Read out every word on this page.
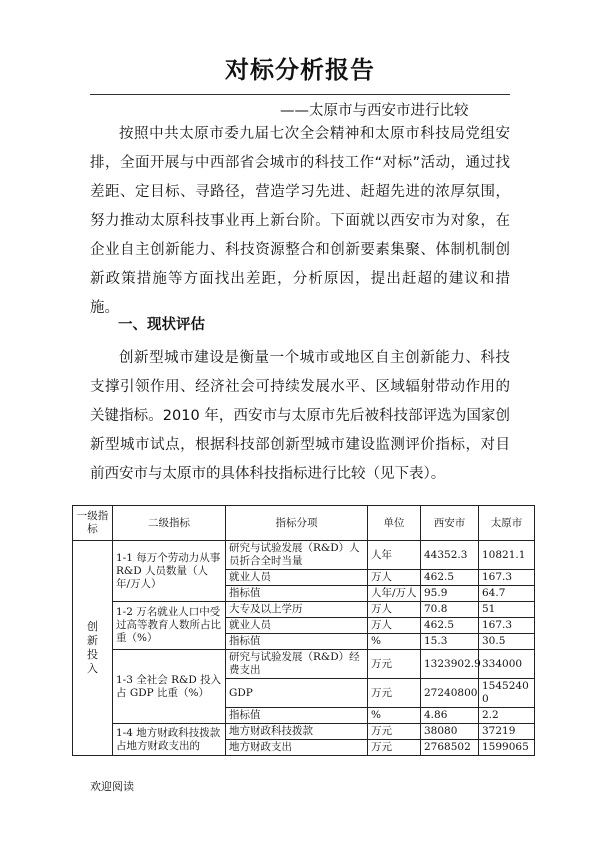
对标分析报告
——太原市与西安市进行比较

按照中共太原市委九届七次全会精神和太原市科技局党组安排，全面开展与中西部省会城市的科技工作“对标”活动，通过找差距、定目标、寻路径，营造学习先进、赶超先进的浓厚氛围，努力推动太原科技事业再上新台阶。下面就以西安市为对象，在企业自主创新能力、科技资源整合和创新要素集聚、体制机制创新政策措施等方面找出差距，分析原因，提出赶超的建议和措施。

一、现状评估

创新型城市建设是衡量一个城市或地区自主创新能力、科技支撑引领作用、经济社会可持续发展水平、区域辐射带动作用的关键指标。2010 年，西安市与太原市先后被科技部评选为国家创新型城市试点，根据科技部创新型城市建设监测评价指标，对目前西安市与太原市的具体科技指标进行比较（见下表）。

一级指标	二级指标	指标分项	单位	西安市	太原市

创新投入	1-1 每万个劳动力从事 R&D 人员数量（人年/万人）	研究与试验发展（R&D）人员折合全时当量	人年	44352.3	10821.1
		就业人员	万人	462.5	167.3
		指标值	人年/万人	95.9	64.7
	1-2 万名就业人口中受过高等教育人数所占比重（%）	大专及以上学历	万人	70.8	51
		就业人员	万人	462.5	167.3
		指标值	%	15.3	30.5
	1-3 全社会 R&D 投入占 GDP 比重（%）	研究与试验发展（R&D）经费支出	万元	1323902.9	334000
		GDP	万元	27240800	15452400
		指标值	%	4.86	2.2
	1-4 地方财政科技拨款占地方财政支出的	地方财政科技拨款	万元	38080	37219
		地方财政支出	万元	2768502	1599065
欢迎阅读
